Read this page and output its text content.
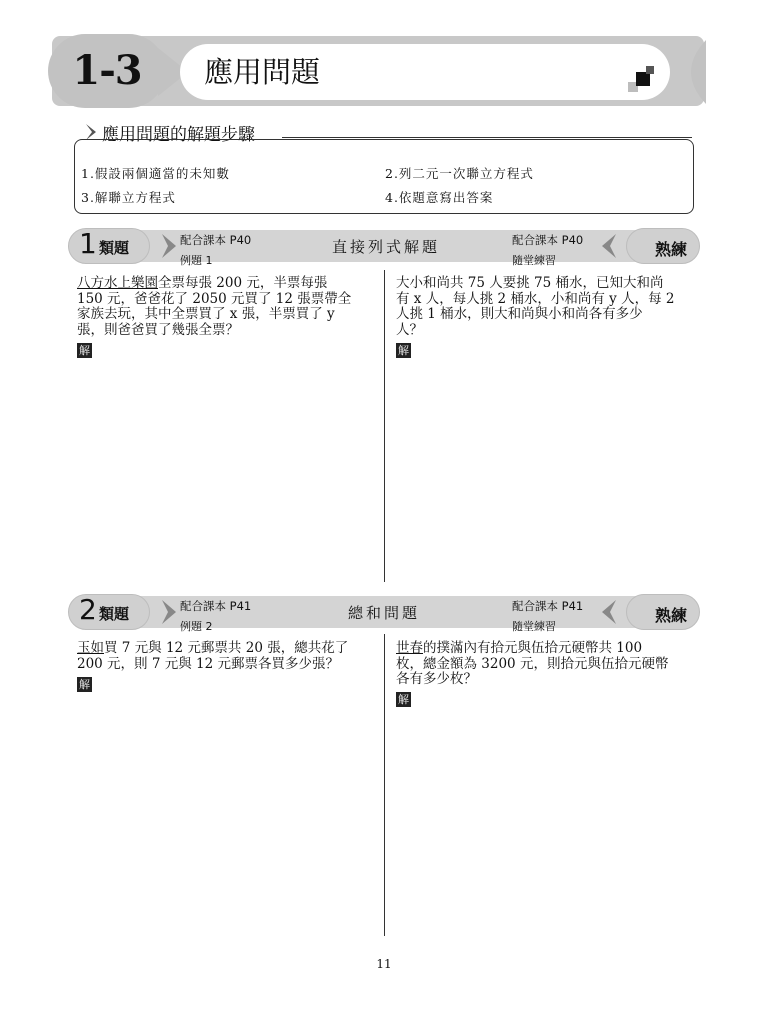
1-3	應用問題
應用問題的解題步驟
1.假設兩個適當的未知數	2.列二元一次聯立方程式
3.解聯立方程式	4.依題意寫出答案
1 類題	配合課本 P40
例題 1
直接列式解題	配合課本 P40
隨堂練習
熟練
八方水上樂園全票每張 200 元，半票每張
150 元，爸爸花了 2050 元買了 12 張票帶全
家族去玩，其中全票買了 x 張，半票買了 y
張，則爸爸買了幾張全票？
解
大小和尚共 75 人要挑 75 桶水，已知大和尚
有 x 人，每人挑 2 桶水，小和尚有 y 人，每 2
人挑 1 桶水，則大和尚與小和尚各有多少
人？
解
2 類題	配合課本 P41
例題 2
總和問題	配合課本 P41
隨堂練習
熟練
玉如買 7 元與 12 元郵票共 20 張，總共花了
200 元，則 7 元與 12 元郵票各買多少張？
解
世春的撲滿內有拾元與伍拾元硬幣共 100
枚，總金額為 3200 元，則拾元與伍拾元硬幣
各有多少枚？
解
11
